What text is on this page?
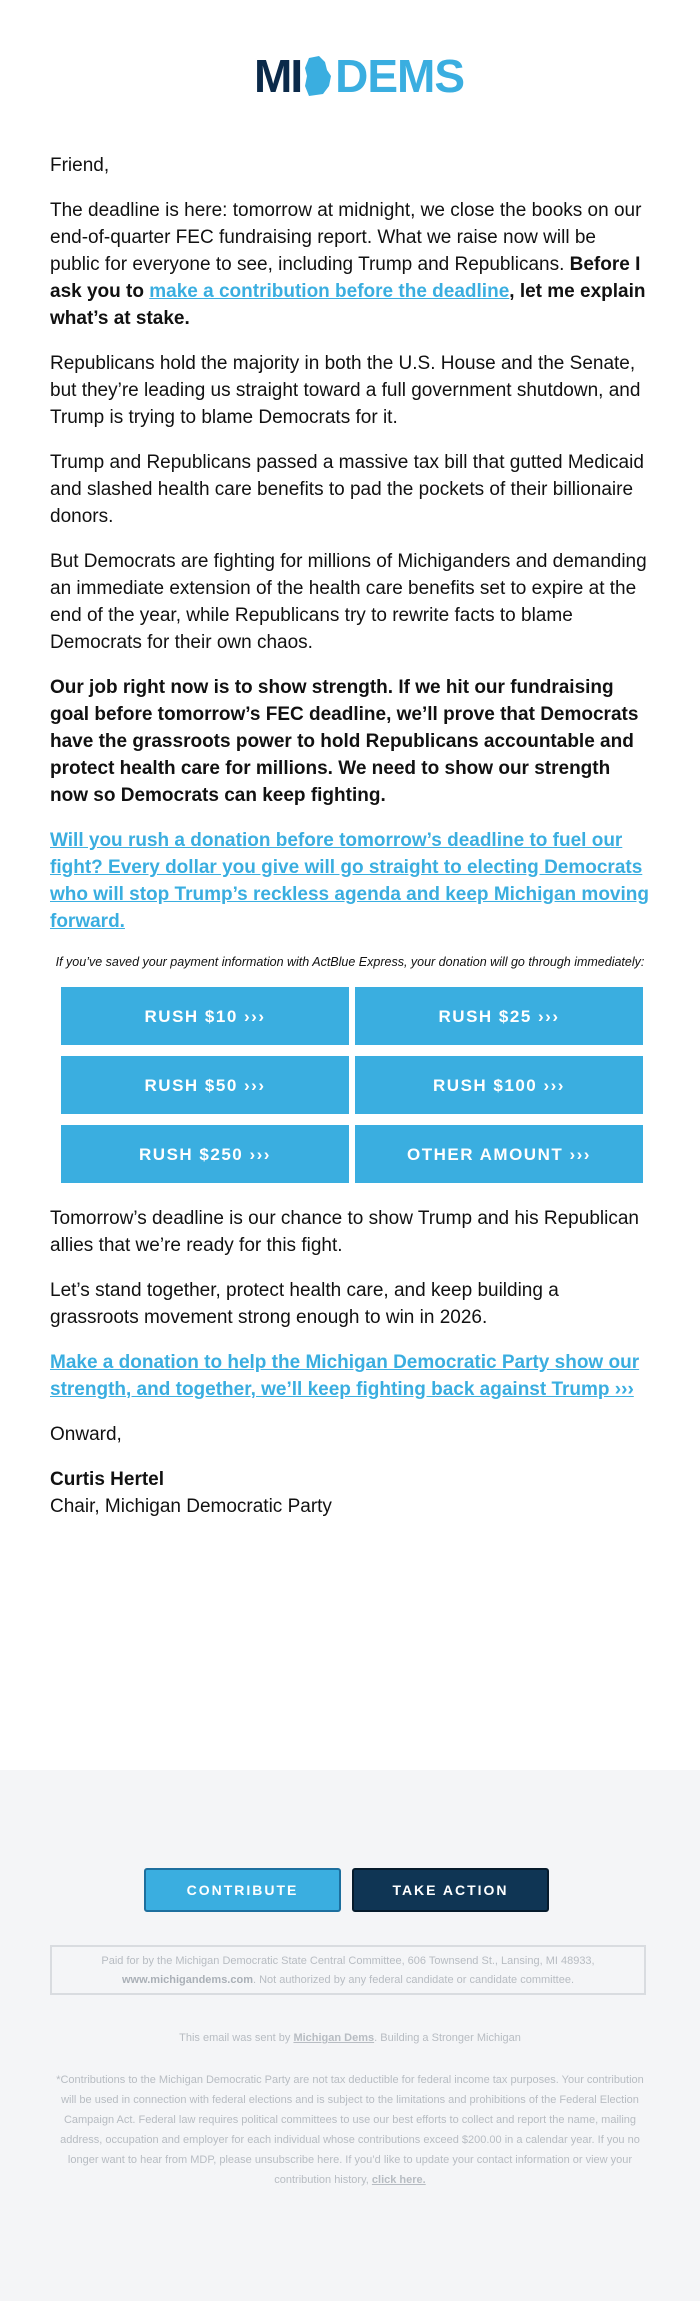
MI DEMS

Friend,

The deadline is here: tomorrow at midnight, we close the books on our end-of-quarter FEC fundraising report. What we raise now will be public for everyone to see, including Trump and Republicans. Before I ask you to make a contribution before the deadline, let me explain what’s at stake.

Republicans hold the majority in both the U.S. House and the Senate, but they’re leading us straight toward a full government shutdown, and Trump is trying to blame Democrats for it.

Trump and Republicans passed a massive tax bill that gutted Medicaid and slashed health care benefits to pad the pockets of their billionaire donors.

But Democrats are fighting for millions of Michiganders and demanding an immediate extension of the health care benefits set to expire at the end of the year, while Republicans try to rewrite facts to blame Democrats for their own chaos.

Our job right now is to show strength. If we hit our fundraising goal before tomorrow’s FEC deadline, we’ll prove that Democrats have the grassroots power to hold Republicans accountable and protect health care for millions. We need to show our strength now so Democrats can keep fighting.

Will you rush a donation before tomorrow’s deadline to fuel our fight? Every dollar you give will go straight to electing Democrats who will stop Trump’s reckless agenda and keep Michigan moving forward.

If you’ve saved your payment information with ActBlue Express, your donation will go through immediately:
RUSH $10 ›››	RUSH $25 ›››
RUSH $50 ›››	RUSH $100 ›››
RUSH $250 ›››	OTHER AMOUNT ›››

Tomorrow’s deadline is our chance to show Trump and his Republican allies that we’re ready for this fight.

Let’s stand together, protect health care, and keep building a grassroots movement strong enough to win in 2026.

Make a donation to help the Michigan Democratic Party show our strength, and together, we’ll keep fighting back against Trump ›››

Onward,

Curtis Hertel
Chair, Michigan Democratic Party
CONTRIBUTE	TAKE ACTION
Paid for by the Michigan Democratic State Central Committee, 606 Townsend St., Lansing, MI 48933,
www.michigandems.com. Not authorized by any federal candidate or candidate committee.
This email was sent by Michigan Dems. Building a Stronger Michigan
*Contributions to the Michigan Democratic Party are not tax deductible for federal income tax purposes. Your contribution will be used in connection with federal elections and is subject to the limitations and prohibitions of the Federal Election Campaign Act. Federal law requires political committees to use our best efforts to collect and report the name, mailing address, occupation and employer for each individual whose contributions exceed $200.00 in a calendar year. If you no longer want to hear from MDP, please unsubscribe here. If you’d like to update your contact information or view your contribution history, click here.
